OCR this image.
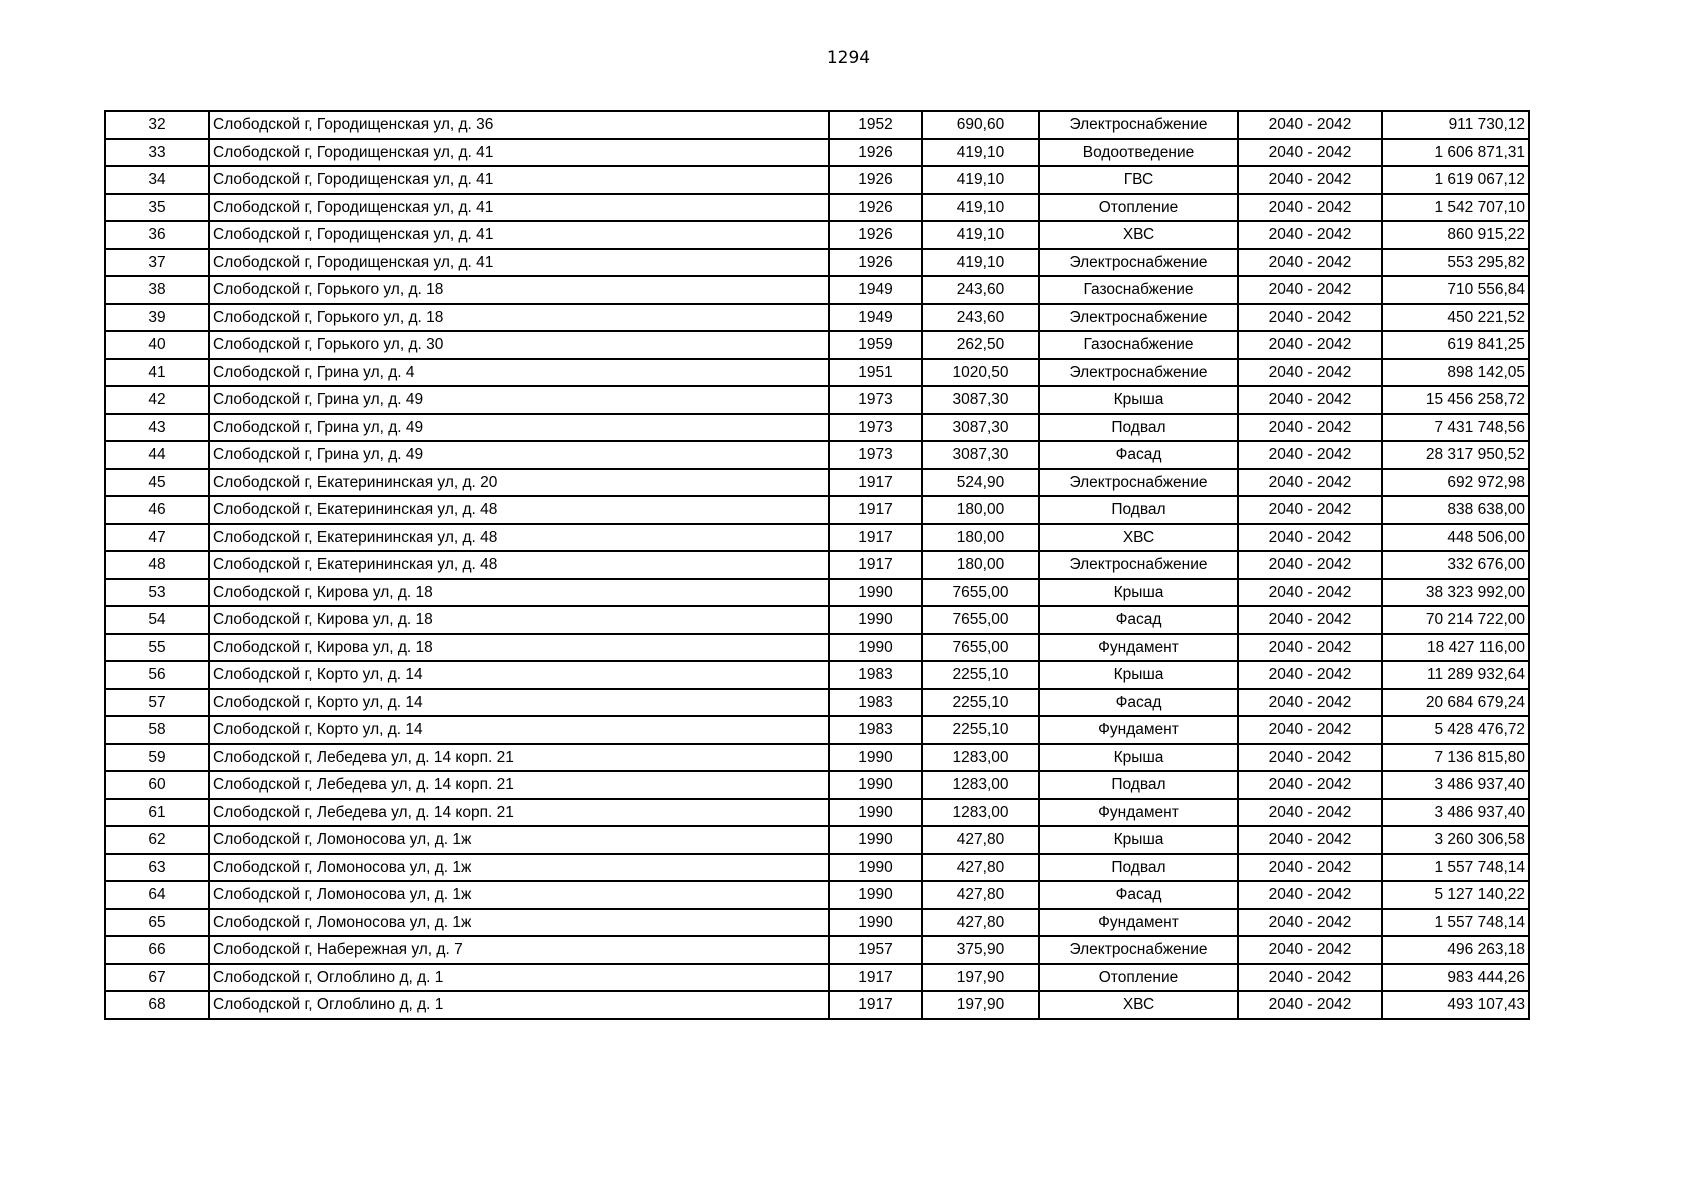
1294
32	Слободской г, Городищенская ул, д. 36	1952	690,60	Электроснабжение	2040 - 2042	911 730,12
33	Слободской г, Городищенская ул, д. 41	1926	419,10	Водоотведение	2040 - 2042	1 606 871,31
34	Слободской г, Городищенская ул, д. 41	1926	419,10	ГВС	2040 - 2042	1 619 067,12
35	Слободской г, Городищенская ул, д. 41	1926	419,10	Отопление	2040 - 2042	1 542 707,10
36	Слободской г, Городищенская ул, д. 41	1926	419,10	ХВС	2040 - 2042	860 915,22
37	Слободской г, Городищенская ул, д. 41	1926	419,10	Электроснабжение	2040 - 2042	553 295,82
38	Слободской г, Горького ул, д. 18	1949	243,60	Газоснабжение	2040 - 2042	710 556,84
39	Слободской г, Горького ул, д. 18	1949	243,60	Электроснабжение	2040 - 2042	450 221,52
40	Слободской г, Горького ул, д. 30	1959	262,50	Газоснабжение	2040 - 2042	619 841,25
41	Слободской г, Грина ул, д. 4	1951	1020,50	Электроснабжение	2040 - 2042	898 142,05
42	Слободской г, Грина ул, д. 49	1973	3087,30	Крыша	2040 - 2042	15 456 258,72
43	Слободской г, Грина ул, д. 49	1973	3087,30	Подвал	2040 - 2042	7 431 748,56
44	Слободской г, Грина ул, д. 49	1973	3087,30	Фасад	2040 - 2042	28 317 950,52
45	Слободской г, Екатерининская ул, д. 20	1917	524,90	Электроснабжение	2040 - 2042	692 972,98
46	Слободской г, Екатерининская ул, д. 48	1917	180,00	Подвал	2040 - 2042	838 638,00
47	Слободской г, Екатерининская ул, д. 48	1917	180,00	ХВС	2040 - 2042	448 506,00
48	Слободской г, Екатерининская ул, д. 48	1917	180,00	Электроснабжение	2040 - 2042	332 676,00
53	Слободской г, Кирова ул, д. 18	1990	7655,00	Крыша	2040 - 2042	38 323 992,00
54	Слободской г, Кирова ул, д. 18	1990	7655,00	Фасад	2040 - 2042	70 214 722,00
55	Слободской г, Кирова ул, д. 18	1990	7655,00	Фундамент	2040 - 2042	18 427 116,00
56	Слободской г, Корто ул, д. 14	1983	2255,10	Крыша	2040 - 2042	11 289 932,64
57	Слободской г, Корто ул, д. 14	1983	2255,10	Фасад	2040 - 2042	20 684 679,24
58	Слободской г, Корто ул, д. 14	1983	2255,10	Фундамент	2040 - 2042	5 428 476,72
59	Слободской г, Лебедева ул, д. 14 корп. 21	1990	1283,00	Крыша	2040 - 2042	7 136 815,80
60	Слободской г, Лебедева ул, д. 14 корп. 21	1990	1283,00	Подвал	2040 - 2042	3 486 937,40
61	Слободской г, Лебедева ул, д. 14 корп. 21	1990	1283,00	Фундамент	2040 - 2042	3 486 937,40
62	Слободской г, Ломоносова ул, д. 1ж	1990	427,80	Крыша	2040 - 2042	3 260 306,58
63	Слободской г, Ломоносова ул, д. 1ж	1990	427,80	Подвал	2040 - 2042	1 557 748,14
64	Слободской г, Ломоносова ул, д. 1ж	1990	427,80	Фасад	2040 - 2042	5 127 140,22
65	Слободской г, Ломоносова ул, д. 1ж	1990	427,80	Фундамент	2040 - 2042	1 557 748,14
66	Слободской г, Набережная ул, д. 7	1957	375,90	Электроснабжение	2040 - 2042	496 263,18
67	Слободской г, Оглоблино д, д. 1	1917	197,90	Отопление	2040 - 2042	983 444,26
68	Слободской г, Оглоблино д, д. 1	1917	197,90	ХВС	2040 - 2042	493 107,43
